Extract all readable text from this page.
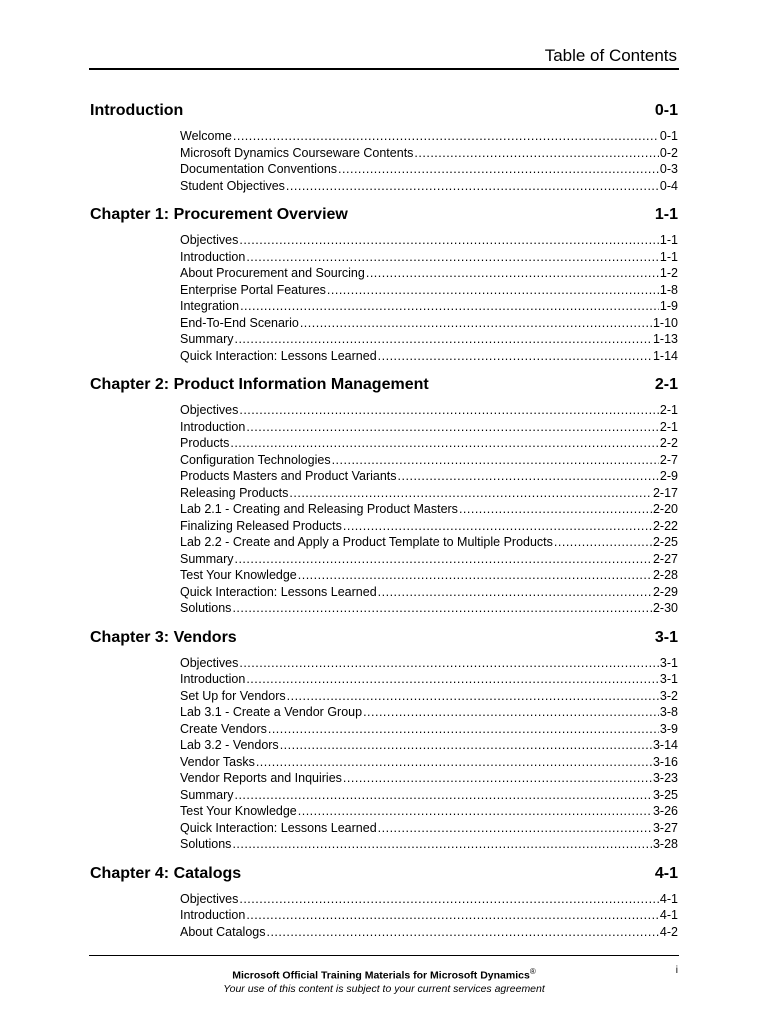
Table of Contents
Introduction	0-1
Welcome .....	0-1
Microsoft Dynamics Courseware Contents .....	0-2
Documentation Conventions .....	0-3
Student Objectives .....	0-4
Chapter 1: Procurement Overview	1-1
Objectives .....	1-1
Introduction .....	1-1
About Procurement and Sourcing .....	1-2
Enterprise Portal Features .....	1-8
Integration .....	1-9
End-To-End Scenario .....	1-10
Summary .....	1-13
Quick Interaction: Lessons Learned .....	1-14
Chapter 2: Product Information Management	2-1
Objectives .....	2-1
Introduction .....	2-1
Products .....	2-2
Configuration Technologies .....	2-7
Products Masters and Product Variants .....	2-9
Releasing Products .....	2-17
Lab 2.1 - Creating and Releasing Product Masters .....	2-20
Finalizing Released Products .....	2-22
Lab 2.2 - Create and Apply a Product Template to Multiple Products .....	2-25
Summary .....	2-27
Test Your Knowledge .....	2-28
Quick Interaction: Lessons Learned .....	2-29
Solutions .....	2-30
Chapter 3: Vendors	3-1
Objectives .....	3-1
Introduction .....	3-1
Set Up for Vendors .....	3-2
Lab 3.1 - Create a Vendor Group .....	3-8
Create Vendors .....	3-9
Lab 3.2 - Vendors .....	3-14
Vendor Tasks .....	3-16
Vendor Reports and Inquiries .....	3-23
Summary .....	3-25
Test Your Knowledge .....	3-26
Quick Interaction: Lessons Learned .....	3-27
Solutions .....	3-28
Chapter 4: Catalogs	4-1
Objectives .....	4-1
Introduction .....	4-1
About Catalogs .....	4-2
Microsoft Official Training Materials for Microsoft Dynamics®
Your use of this content is subject to your current services agreement
i
